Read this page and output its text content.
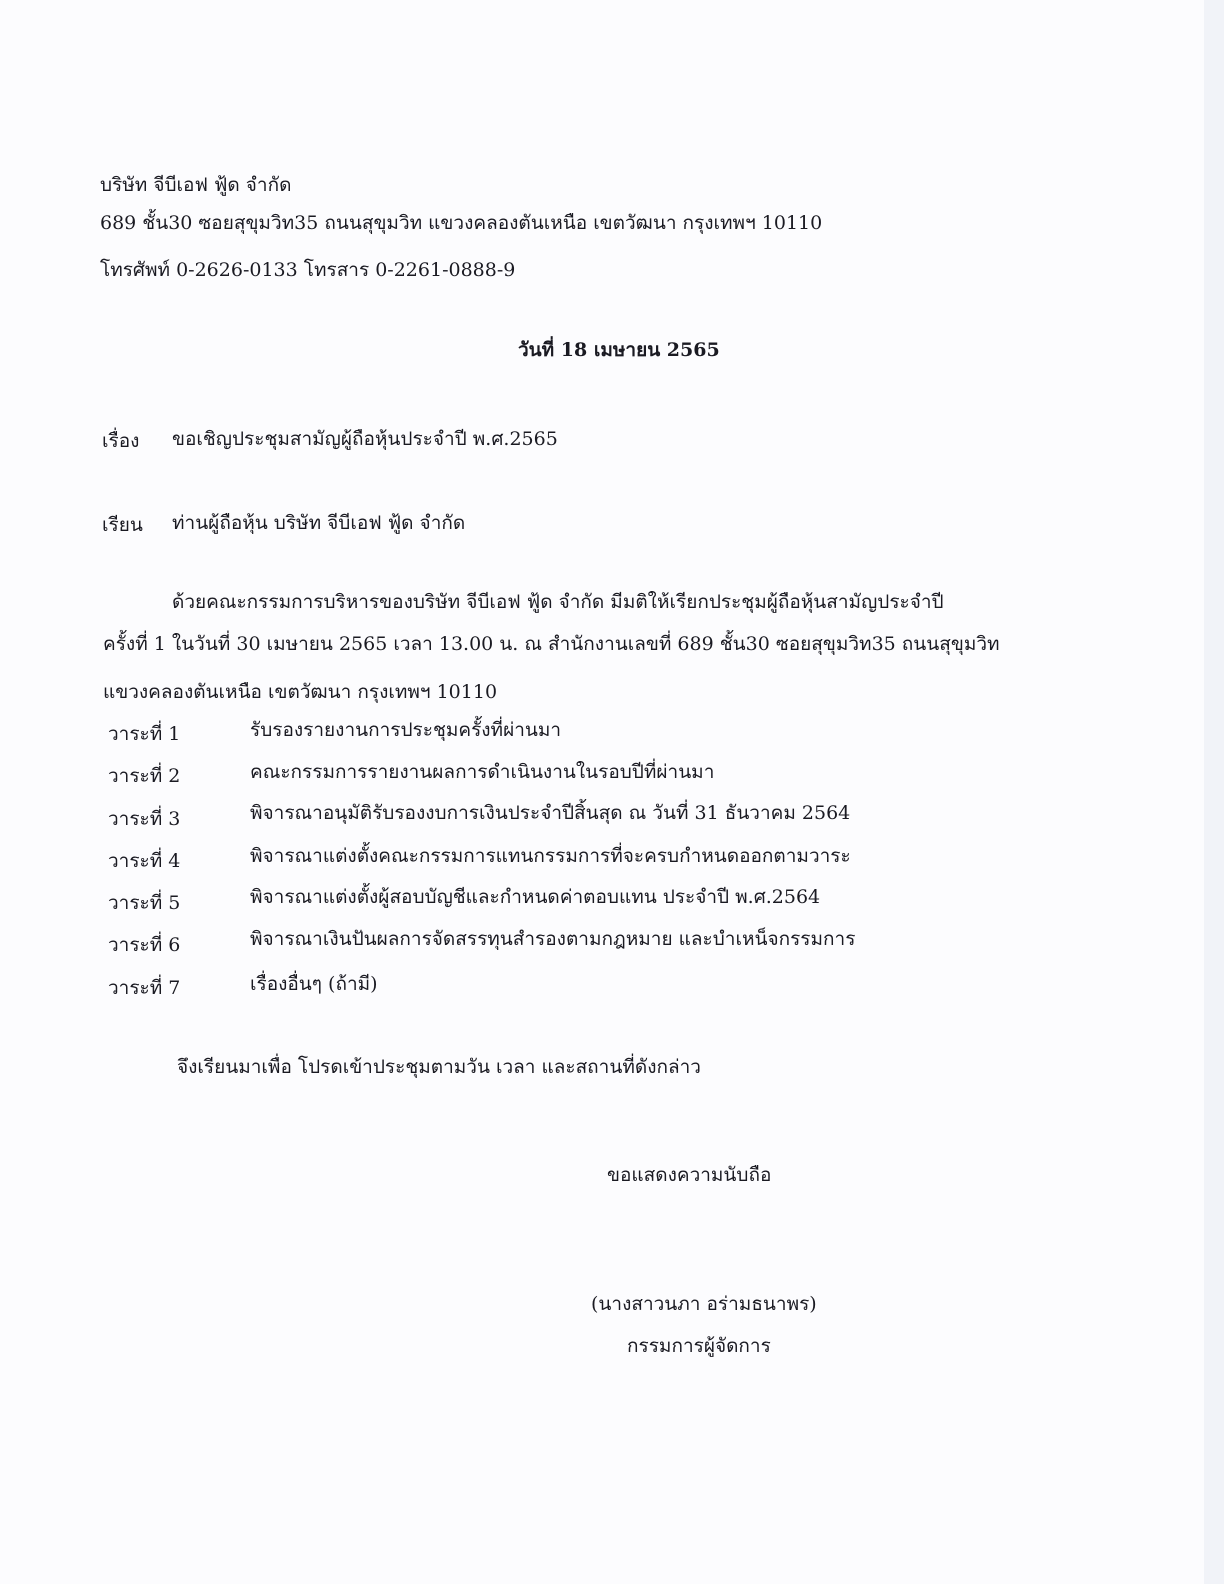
บริษัท จีบีเอฟ ฟู้ด จำกัด
689 ชั้น30 ซอยสุขุมวิท35 ถนนสุขุมวิท แขวงคลองตันเหนือ เขตวัฒนา กรุงเทพฯ 10110
โทรศัพท์ 0-2626-0133 โทรสาร 0-2261-0888-9
วันที่ 18 เมษายน 2565
เรื่อง ขอเชิญประชุมสามัญผู้ถือหุ้นประจำปี พ.ศ.2565
เรียน ท่านผู้ถือหุ้น บริษัท จีบีเอฟ ฟู้ด จำกัด
ด้วยคณะกรรมการบริหารของบริษัท จีบีเอฟ ฟู้ด จำกัด มีมติให้เรียกประชุมผู้ถือหุ้นสามัญประจำปี
ครั้งที่ 1 ในวันที่ 30 เมษายน 2565 เวลา 13.00 น. ณ สำนักงานเลขที่ 689 ชั้น30 ซอยสุขุมวิท35 ถนนสุขุมวิท
แขวงคลองตันเหนือ เขตวัฒนา กรุงเทพฯ 10110
วาระที่ 1	รับรองรายงานการประชุมครั้งที่ผ่านมา
วาระที่ 2	คณะกรรมการรายงานผลการดำเนินงานในรอบปีที่ผ่านมา
วาระที่ 3	พิจารณาอนุมัติรับรองงบการเงินประจำปีสิ้นสุด ณ วันที่ 31 ธันวาคม 2564
วาระที่ 4	พิจารณาแต่งตั้งคณะกรรมการแทนกรรมการที่จะครบกำหนดออกตามวาระ
วาระที่ 5	พิจารณาแต่งตั้งผู้สอบบัญชีและกำหนดค่าตอบแทน ประจำปี พ.ศ.2564
วาระที่ 6	พิจารณาเงินปันผลการจัดสรรทุนสำรองตามกฎหมาย และบำเหน็จกรรมการ
วาระที่ 7	เรื่องอื่นๆ (ถ้ามี)
จึงเรียนมาเพื่อ โปรดเข้าประชุมตามวัน เวลา และสถานที่ดังกล่าว
ขอแสดงความนับถือ
(นางสาวนภา อร่ามธนาพร)
กรรมการผู้จัดการ
